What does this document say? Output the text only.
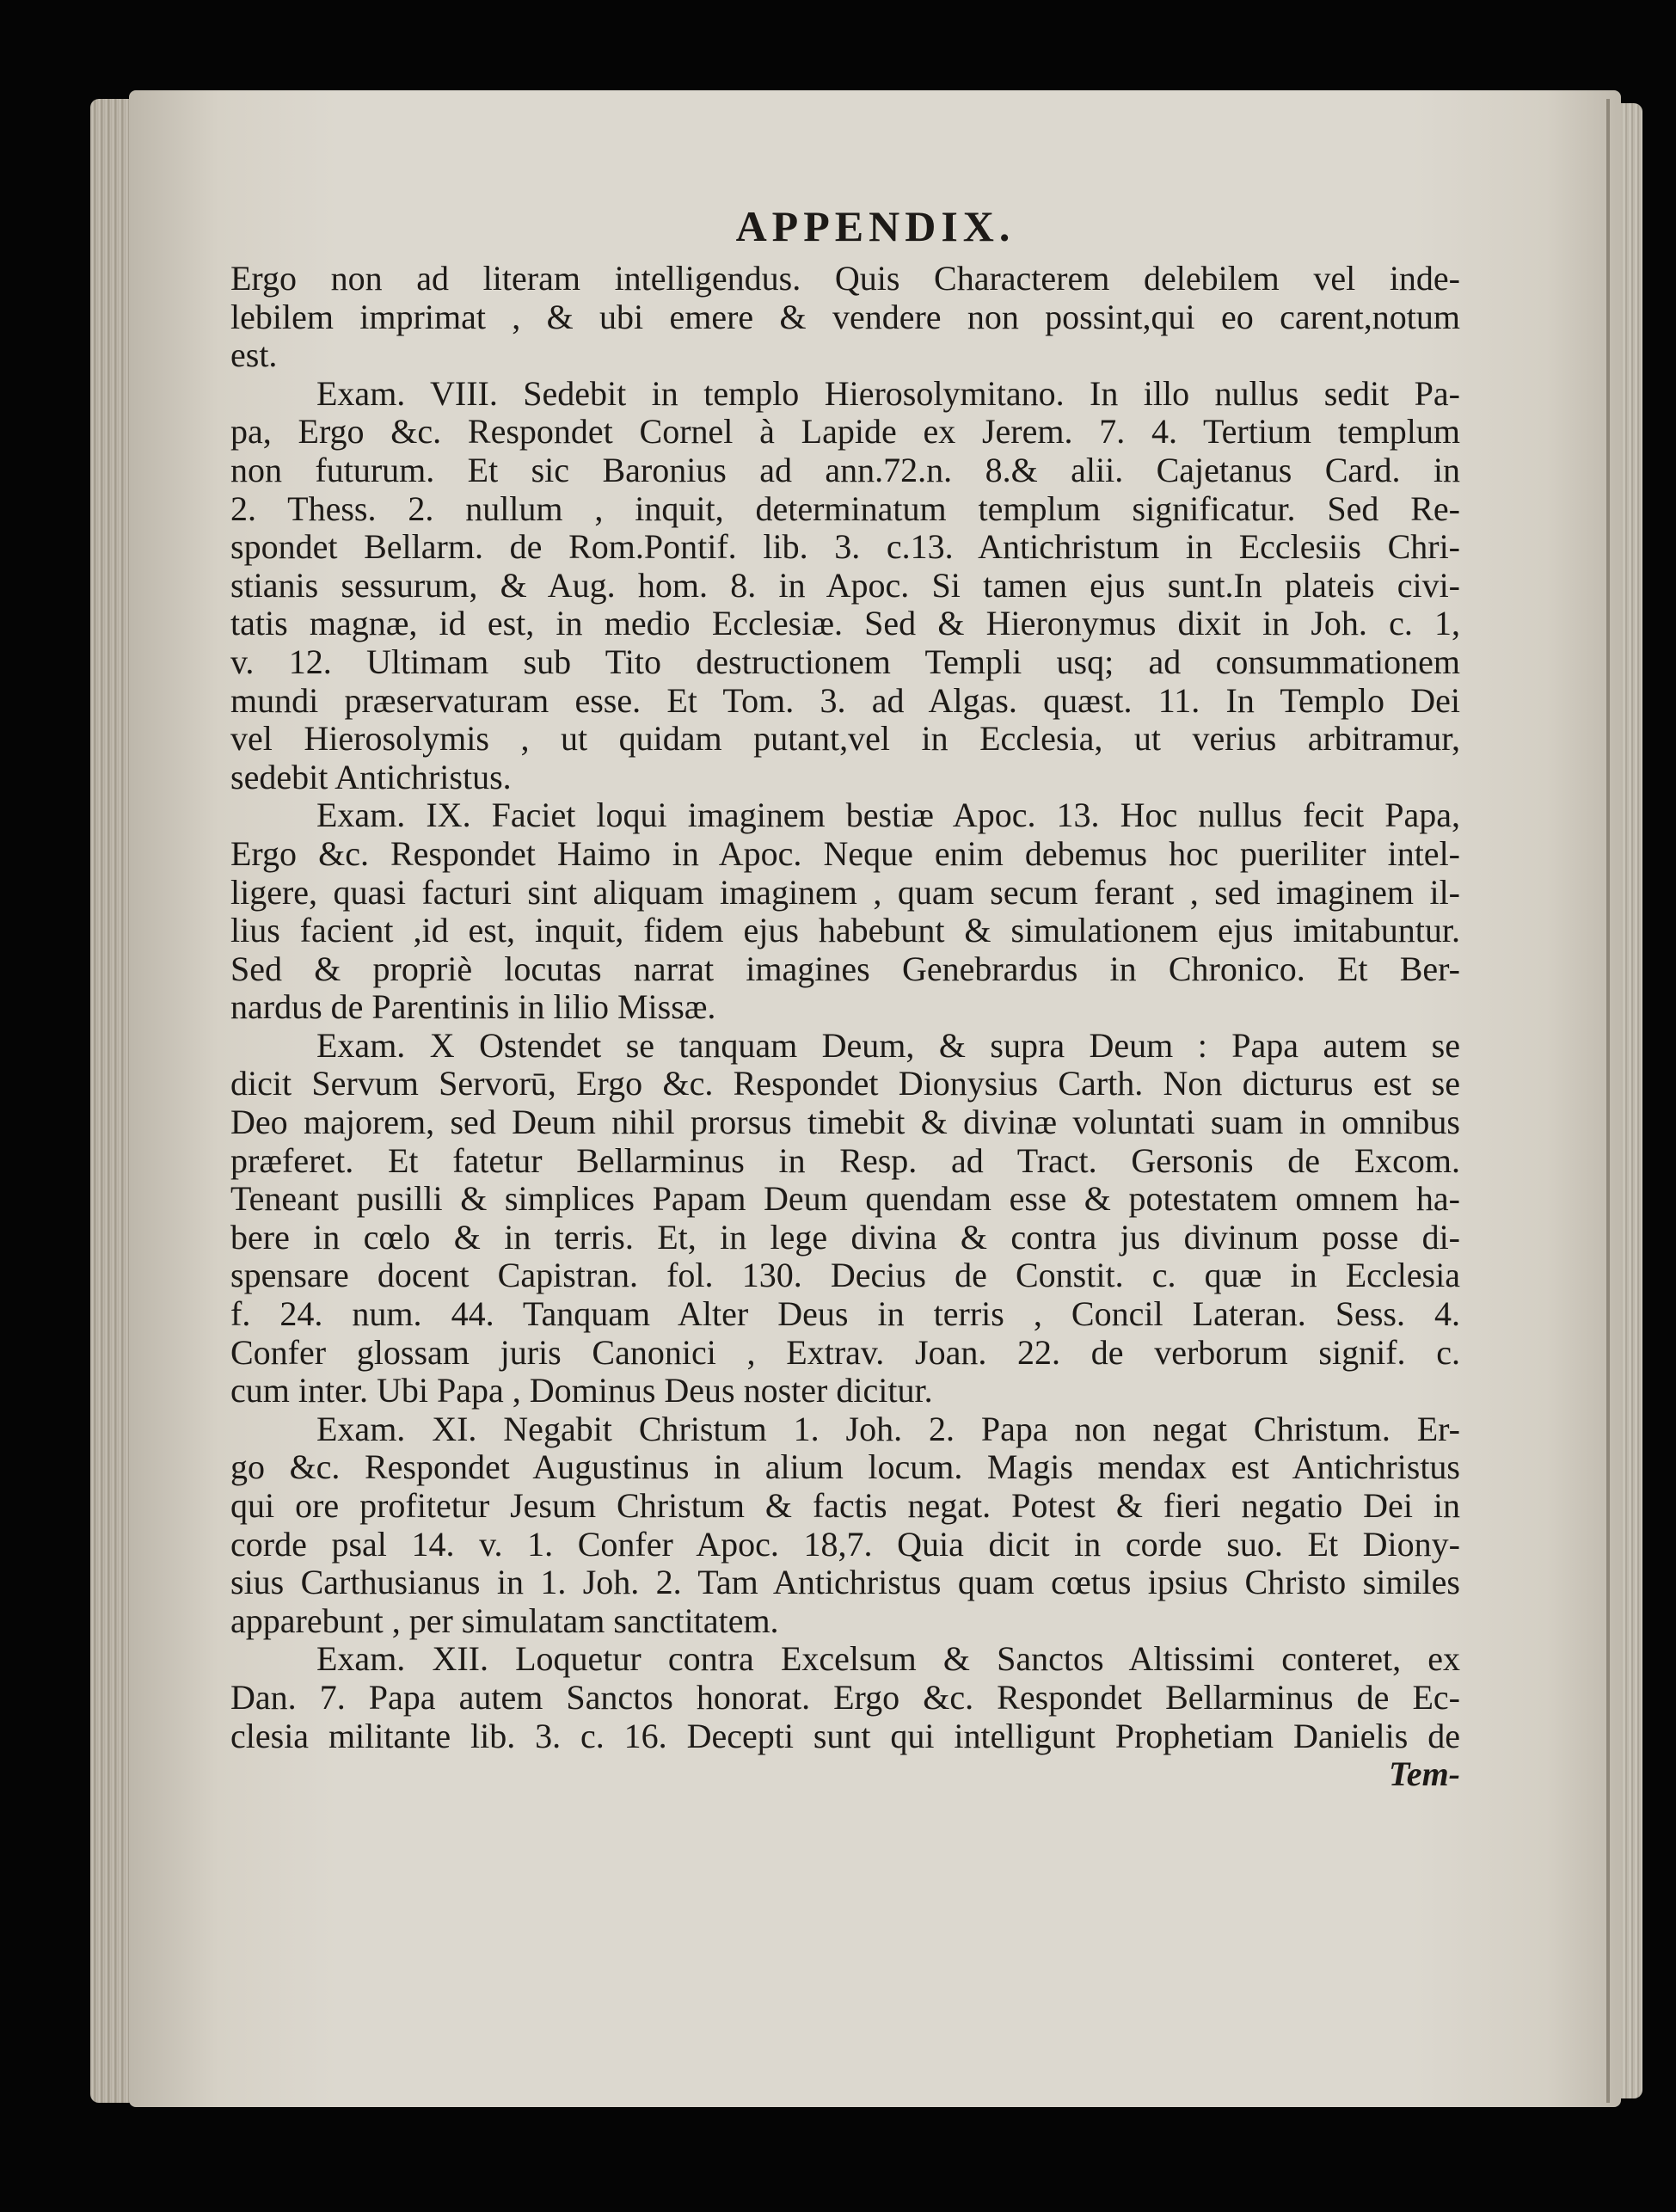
APPENDIX.
Ergo non ad literam intelligendus. Quis Characterem delebilem vel inde-
lebilem imprimat , & ubi emere & vendere non possint,qui eo carent,notum
est.
Exam. VIII. Sedebit in templo Hierosolymitano. In illo nullus sedit Pa-
pa, Ergo &c. Respondet Cornel à Lapide ex Jerem. 7. 4. Tertium templum
non futurum. Et sic Baronius ad ann.72.n. 8.& alii. Cajetanus Card. in
2. Thess. 2. nullum , inquit, determinatum templum significatur. Sed Re-
spondet Bellarm. de Rom.Pontif. lib. 3. c.13. Antichristum in Ecclesiis Chri-
stianis sessurum, & Aug. hom. 8. in Apoc. Si tamen ejus sunt.In plateis civi-
tatis magnæ, id est, in medio Ecclesiæ. Sed & Hieronymus dixit in Joh. c. 1,
v. 12. Ultimam sub Tito destructionem Templi usq; ad consummationem
mundi præservaturam esse. Et Tom. 3. ad Algas. quæst. 11. In Templo Dei
vel Hierosolymis , ut quidam putant,vel in Ecclesia, ut verius arbitramur,
sedebit Antichristus.
Exam. IX. Faciet loqui imaginem bestiæ Apoc. 13. Hoc nullus fecit Papa,
Ergo &c. Respondet Haimo in Apoc. Neque enim debemus hoc pueriliter intel-
ligere, quasi facturi sint aliquam imaginem , quam secum ferant , sed imaginem il-
lius facient ,id est, inquit, fidem ejus habebunt & simulationem ejus imitabuntur.
Sed & propriè locutas narrat imagines Genebrardus in Chronico. Et Ber-
nardus de Parentinis in lilio Missæ.
Exam. X Ostendet se tanquam Deum, & supra Deum : Papa autem se
dicit Servum Servorū, Ergo &c. Respondet Dionysius Carth. Non dicturus est se
Deo majorem, sed Deum nihil prorsus timebit & divinæ voluntati suam in omnibus
præferet. Et fatetur Bellarminus in Resp. ad Tract. Gersonis de Excom.
Teneant pusilli & simplices Papam Deum quendam esse & potestatem omnem ha-
bere in cœlo & in terris. Et, in lege divina & contra jus divinum posse di-
spensare docent Capistran. fol. 130. Decius de Constit. c. quæ in Ecclesia
f. 24. num. 44. Tanquam Alter Deus in terris , Concil Lateran. Sess. 4.
Confer glossam juris Canonici , Extrav. Joan. 22. de verborum signif. c.
cum inter. Ubi Papa , Dominus Deus noster dicitur.
Exam. XI. Negabit Christum 1. Joh. 2. Papa non negat Christum. Er-
go &c. Respondet Augustinus in alium locum. Magis mendax est Antichristus
qui ore profitetur Jesum Christum & factis negat. Potest & fieri negatio Dei in
corde psal 14. v. 1. Confer Apoc. 18,7. Quia dicit in corde suo. Et Diony-
sius Carthusianus in 1. Joh. 2. Tam Antichristus quam cœtus ipsius Christo similes
apparebunt , per simulatam sanctitatem.
Exam. XII. Loquetur contra Excelsum & Sanctos Altissimi conteret, ex
Dan. 7. Papa autem Sanctos honorat. Ergo &c. Respondet Bellarminus de Ec-
clesia militante lib. 3. c. 16. Decepti sunt qui intelligunt Prophetiam Danielis de
Tem-
